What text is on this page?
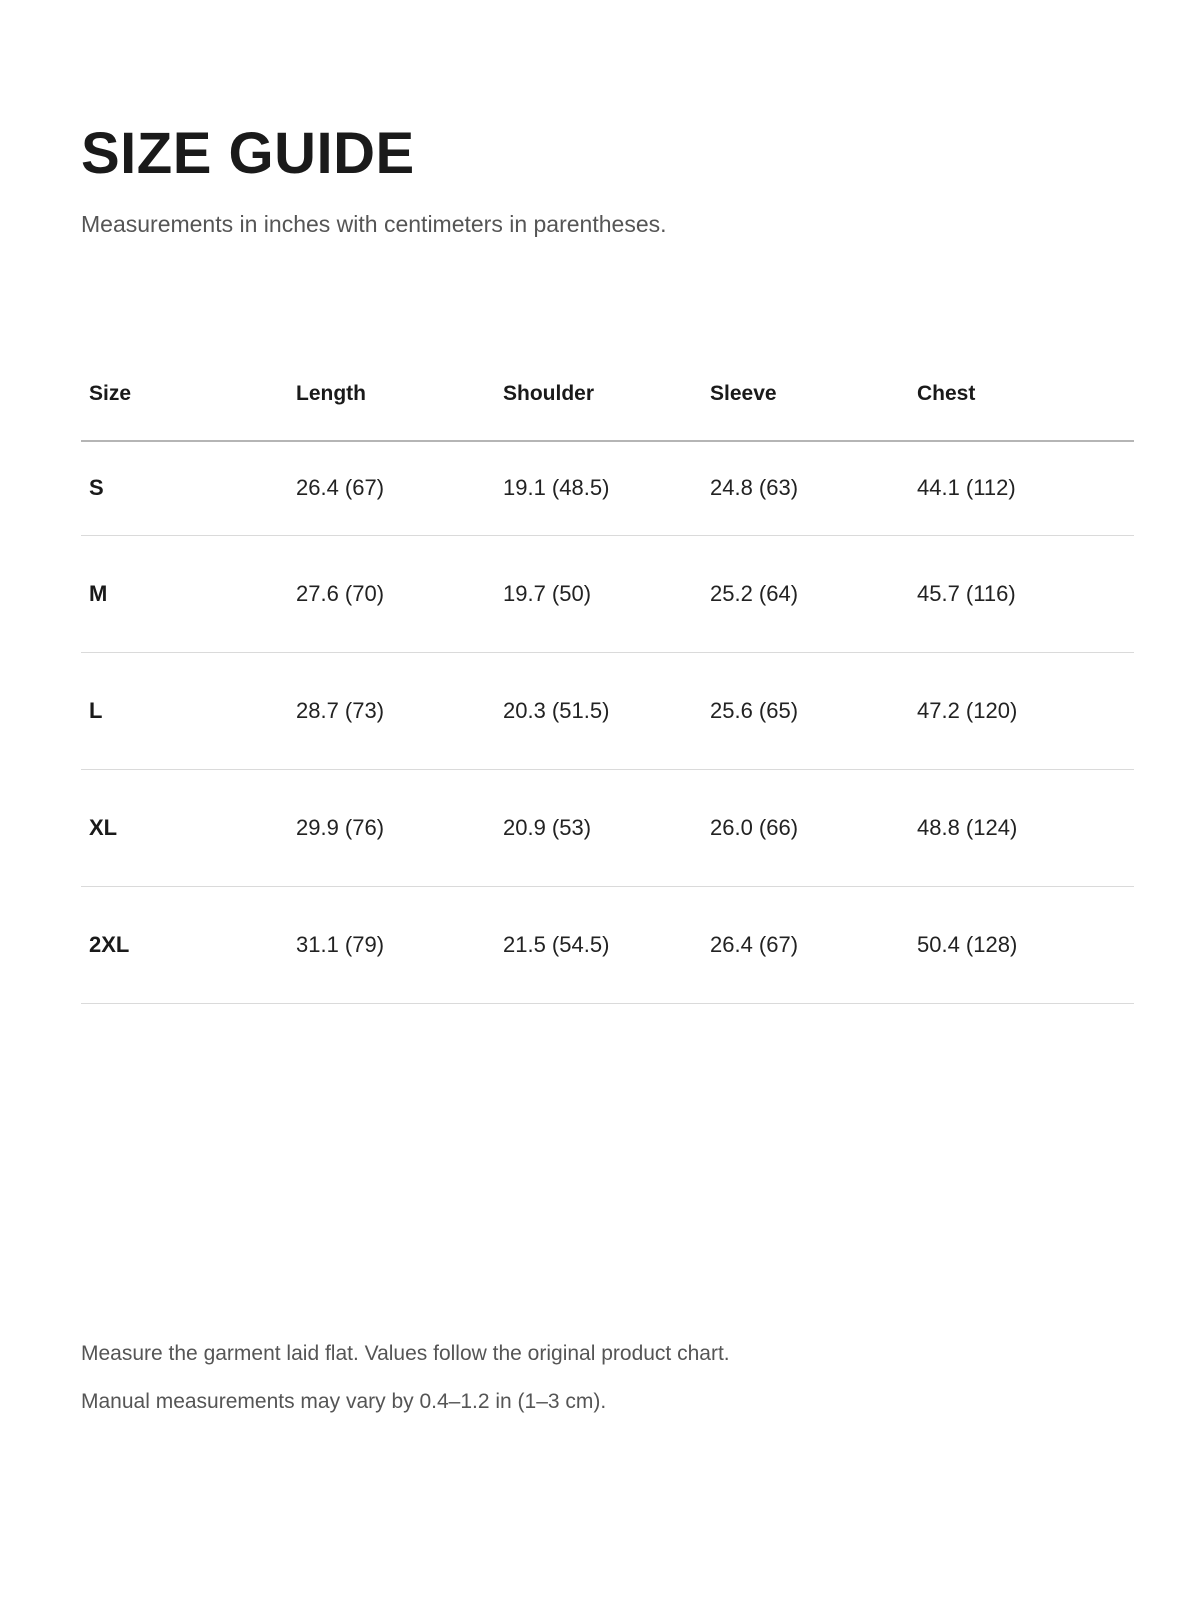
SIZE GUIDE

Measurements in inches with centimeters in parentheses.

Size	Length	Shoulder	Sleeve	Chest
S	26.4 (67)	19.1 (48.5)	24.8 (63)	44.1 (112)
M	27.6 (70)	19.7 (50)	25.2 (64)	45.7 (116)
L	28.7 (73)	20.3 (51.5)	25.6 (65)	47.2 (120)
XL	29.9 (76)	20.9 (53)	26.0 (66)	48.8 (124)
2XL	31.1 (79)	21.5 (54.5)	26.4 (67)	50.4 (128)

Measure the garment laid flat. Values follow the original product chart.

Manual measurements may vary by 0.4–1.2 in (1–3 cm).
